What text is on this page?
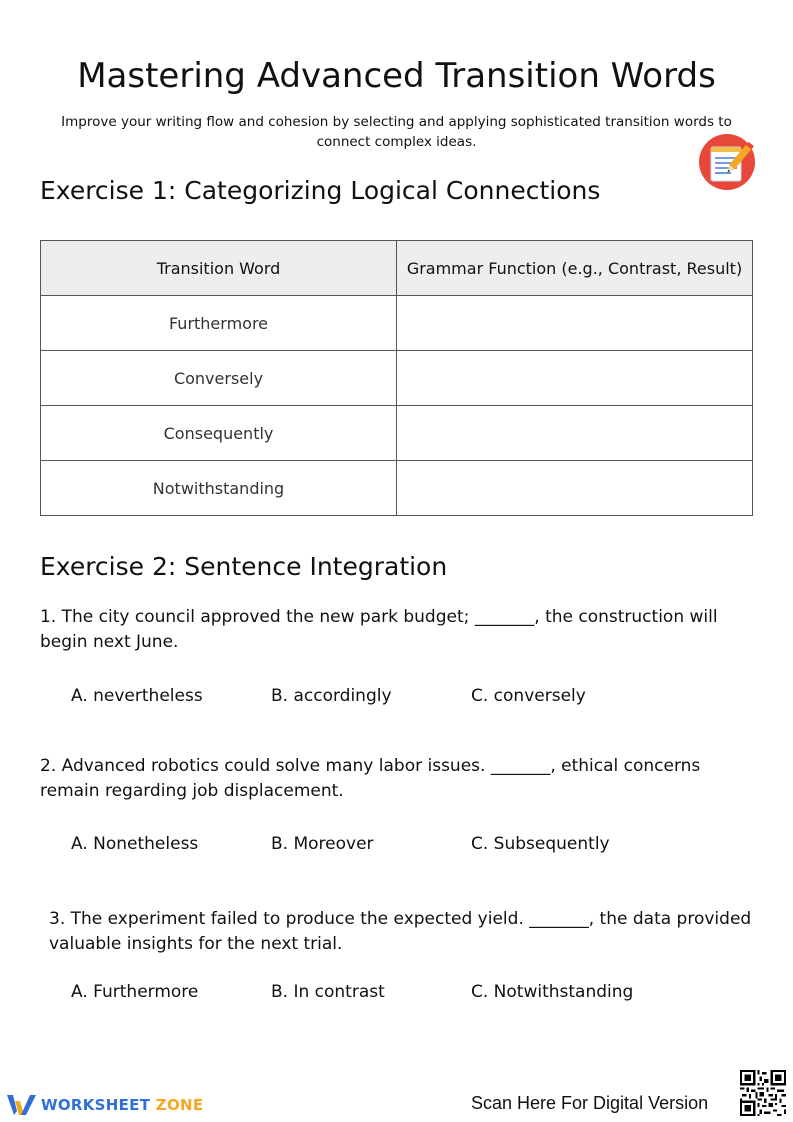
Mastering Advanced Transition Words
Improve your writing flow and cohesion by selecting and applying sophisticated transition words to connect complex ideas.
Exercise 1: Categorizing Logical Connections
Transition Word	Grammar Function (e.g., Contrast, Result)
Furthermore	
Conversely	
Consequently	
Notwithstanding	
Exercise 2: Sentence Integration
1. The city council approved the new park budget; _______, the construction will begin next June.
A. nevertheless	B. accordingly	C. conversely
2. Advanced robotics could solve many labor issues. _______, ethical concerns remain regarding job displacement.
A. Nonetheless	B. Moreover	C. Subsequently
3. The experiment failed to produce the expected yield. _______, the data provided valuable insights for the next trial.
A. Furthermore	B. In contrast	C. Notwithstanding
WORKSHEET ZONE	Scan Here For Digital Version
